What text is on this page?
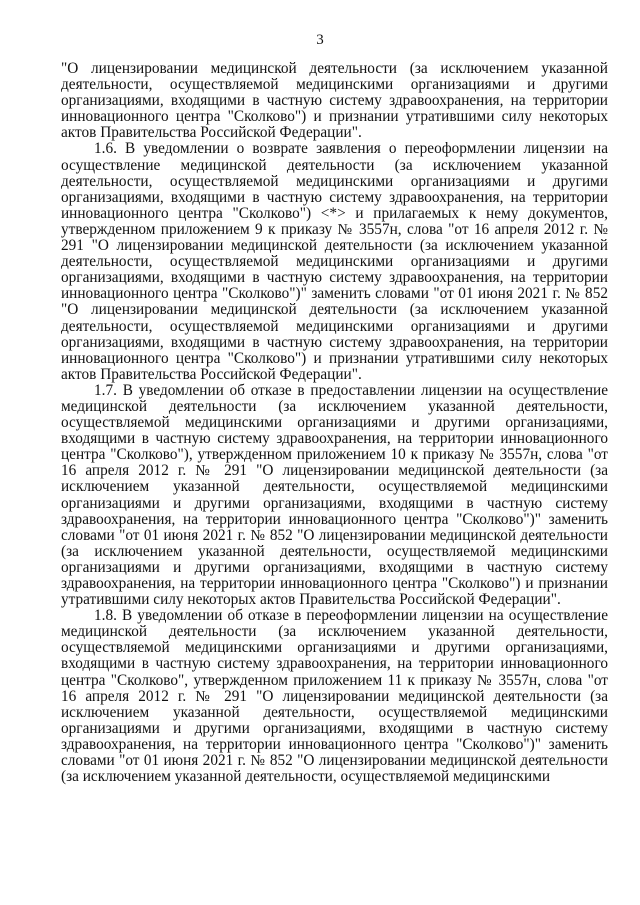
3

"О лицензировании медицинской деятельности (за исключением указанной деятельности, осуществляемой медицинскими организациями и другими организациями, входящими в частную систему здравоохранения, на территории инновационного центра "Сколково") и признании утратившими силу некоторых актов Правительства Российской Федерации".

1.6. В уведомлении о возврате заявления о переоформлении лицензии на осуществление медицинской деятельности (за исключением указанной деятельности, осуществляемой медицинскими организациями и другими организациями, входящими в частную систему здравоохранения, на территории инновационного центра "Сколково") <*> и прилагаемых к нему документов, утвержденном приложением 9 к приказу № 3557н, слова "от 16 апреля 2012 г. № 291 "О лицензировании медицинской деятельности (за исключением указанной деятельности, осуществляемой медицинскими организациями и другими организациями, входящими в частную систему здравоохранения, на территории инновационного центра "Сколково")" заменить словами "от 01 июня 2021 г. № 852 "О лицензировании медицинской деятельности (за исключением указанной деятельности, осуществляемой медицинскими организациями и другими организациями, входящими в частную систему здравоохранения, на территории инновационного центра "Сколково") и признании утратившими силу некоторых актов Правительства Российской Федерации".

1.7. В уведомлении об отказе в предоставлении лицензии на осуществление медицинской деятельности (за исключением указанной деятельности, осуществляемой медицинскими организациями и другими организациями, входящими в частную систему здравоохранения, на территории инновационного центра "Сколково"), утвержденном приложением 10 к приказу № 3557н, слова "от 16 апреля 2012 г. № 291 "О лицензировании медицинской деятельности (за исключением указанной деятельности, осуществляемой медицинскими организациями и другими организациями, входящими в частную систему здравоохранения, на территории инновационного центра "Сколково")" заменить словами "от 01 июня 2021 г. № 852 "О лицензировании медицинской деятельности (за исключением указанной деятельности, осуществляемой медицинскими организациями и другими организациями, входящими в частную систему здравоохранения, на территории инновационного центра "Сколково") и признании утратившими силу некоторых актов Правительства Российской Федерации".

1.8. В уведомлении об отказе в переоформлении лицензии на осуществление медицинской деятельности (за исключением указанной деятельности, осуществляемой медицинскими организациями и другими организациями, входящими в частную систему здравоохранения, на территории инновационного центра "Сколково", утвержденном приложением 11 к приказу № 3557н, слова "от 16 апреля 2012 г. № 291 "О лицензировании медицинской деятельности (за исключением указанной деятельности, осуществляемой медицинскими организациями и другими организациями, входящими в частную систему здравоохранения, на территории инновационного центра "Сколково")" заменить словами "от 01 июня 2021 г. № 852 "О лицензировании медицинской деятельности (за исключением указанной деятельности, осуществляемой медицинскими
